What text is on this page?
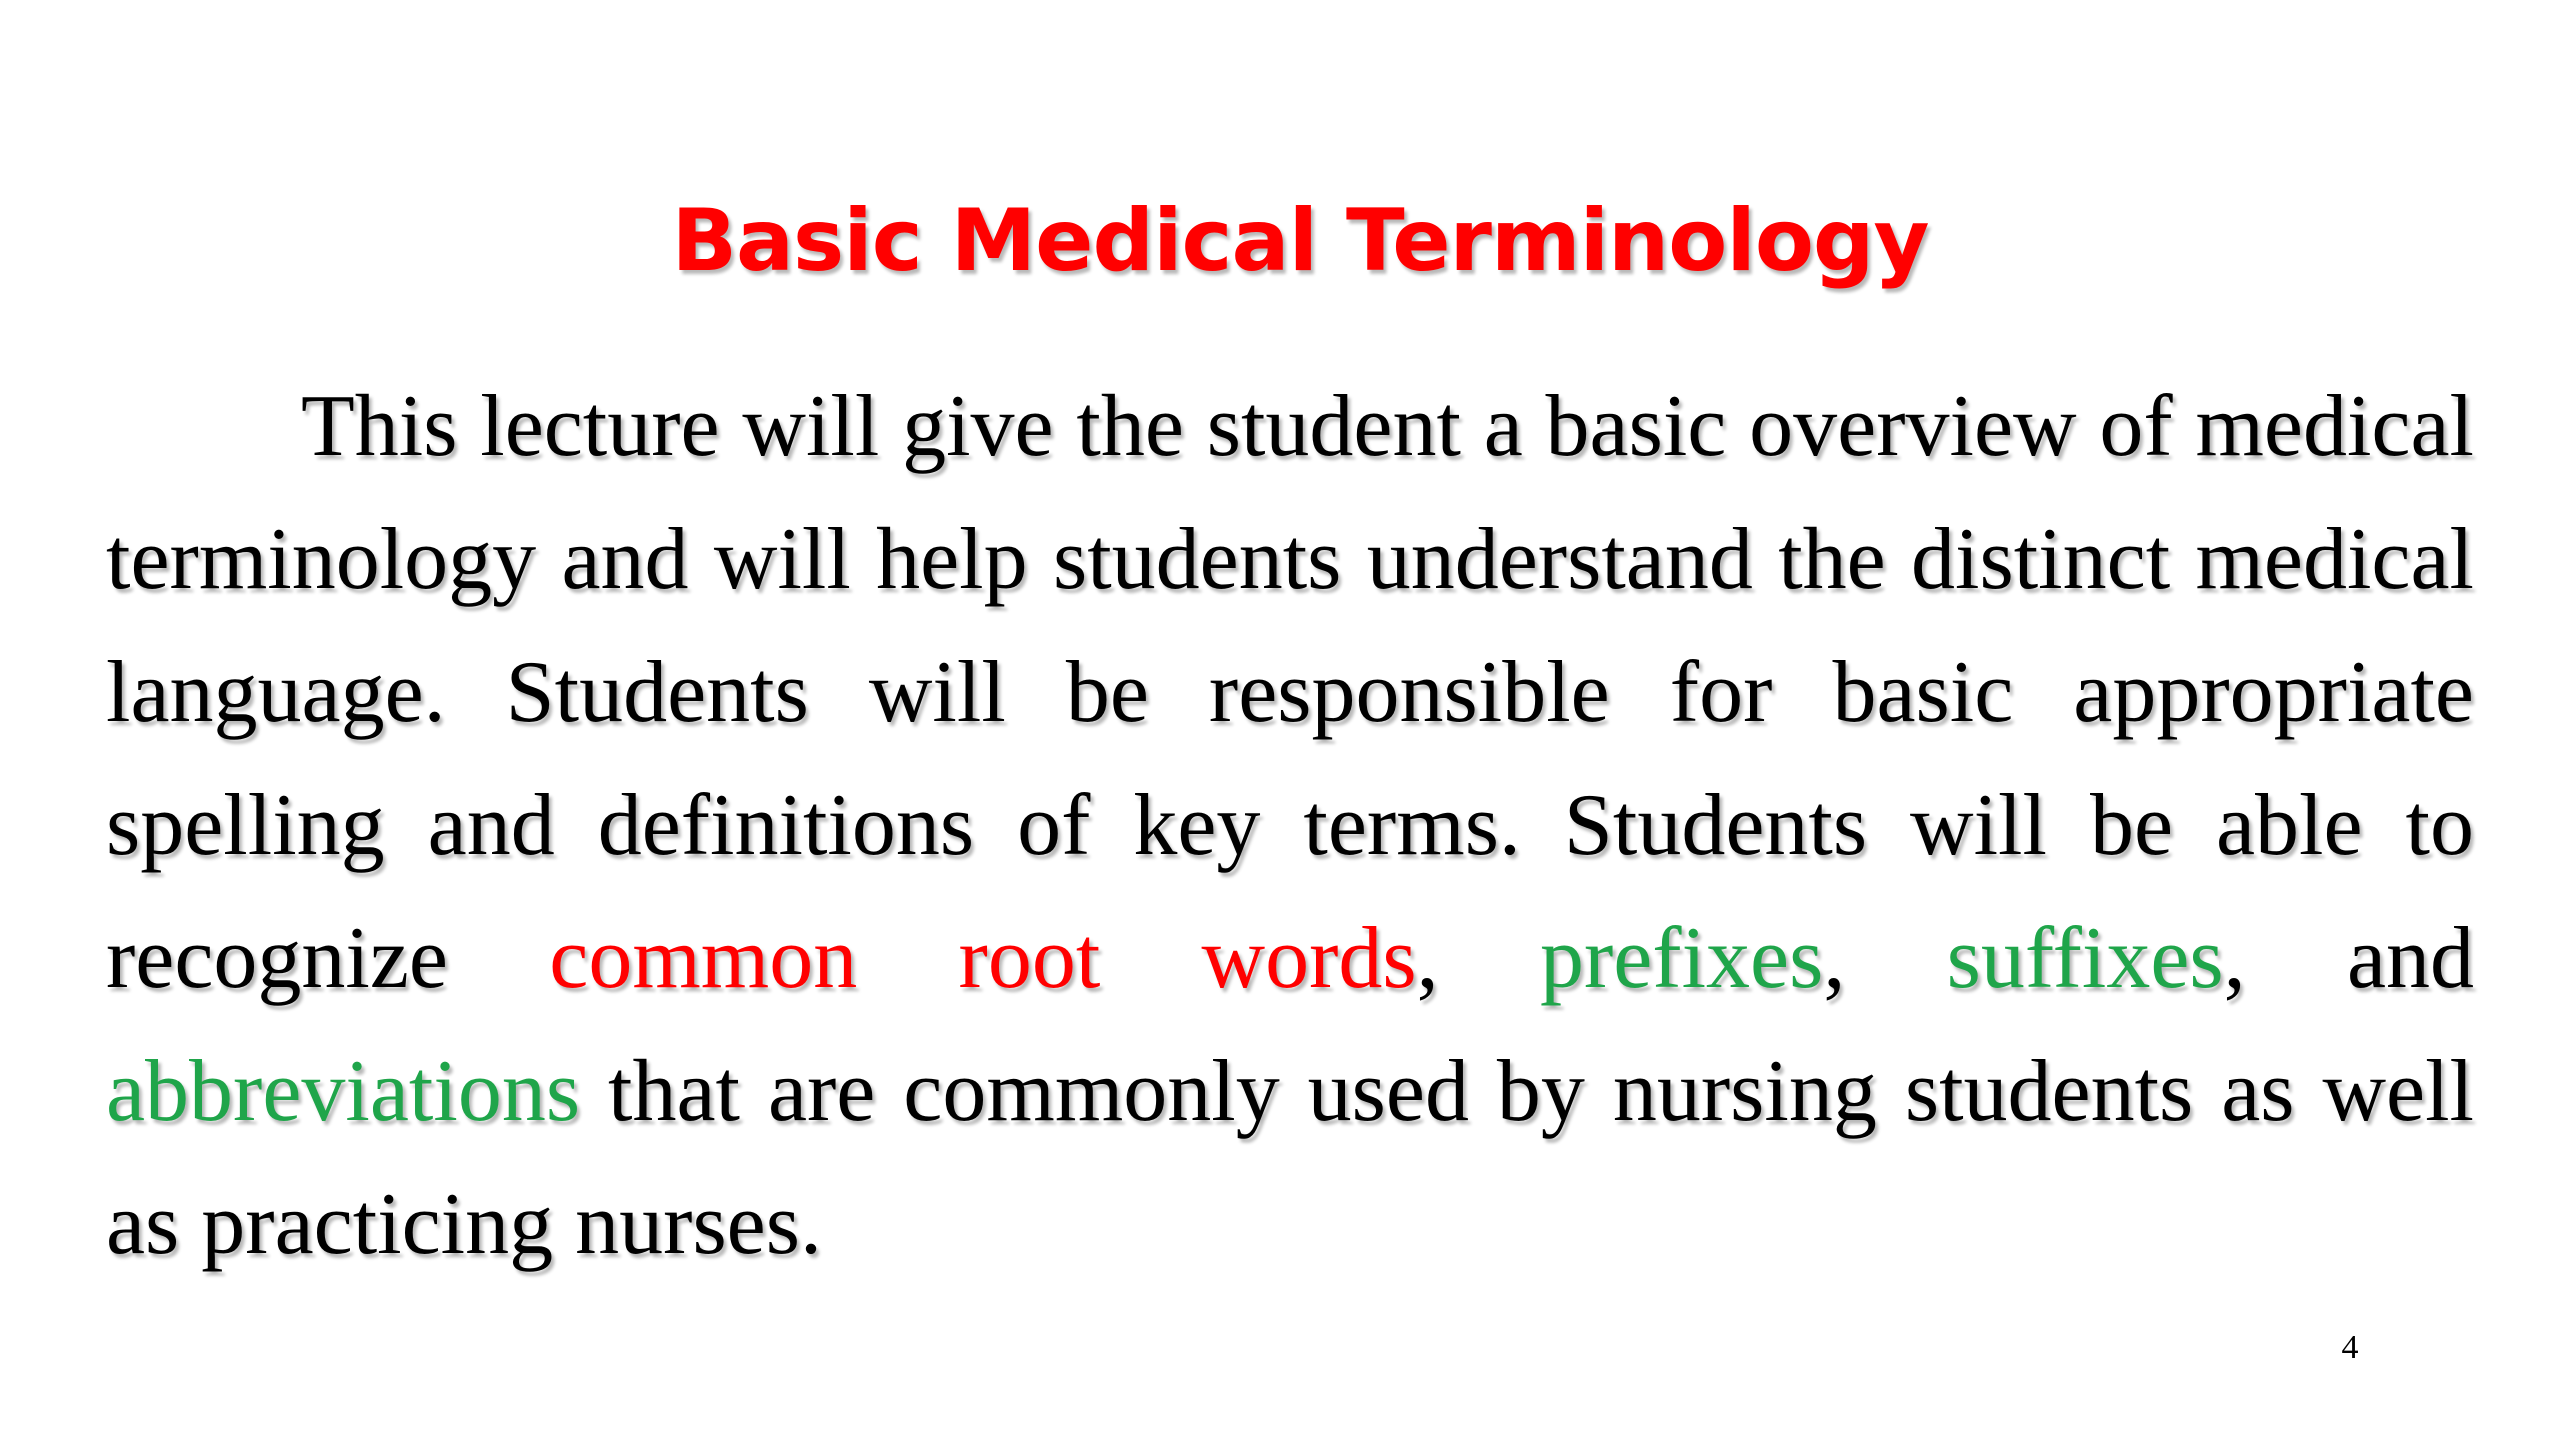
Basic Medical Terminology

This lecture will give the student a basic overview of medical terminology and will help students understand the distinct medical language. Students will be responsible for basic appropriate spelling and definitions of key terms. Students will be able to recognize common root words, prefixes, suffixes, and abbreviations that are commonly used by nursing students as well as practicing nurses.

4
